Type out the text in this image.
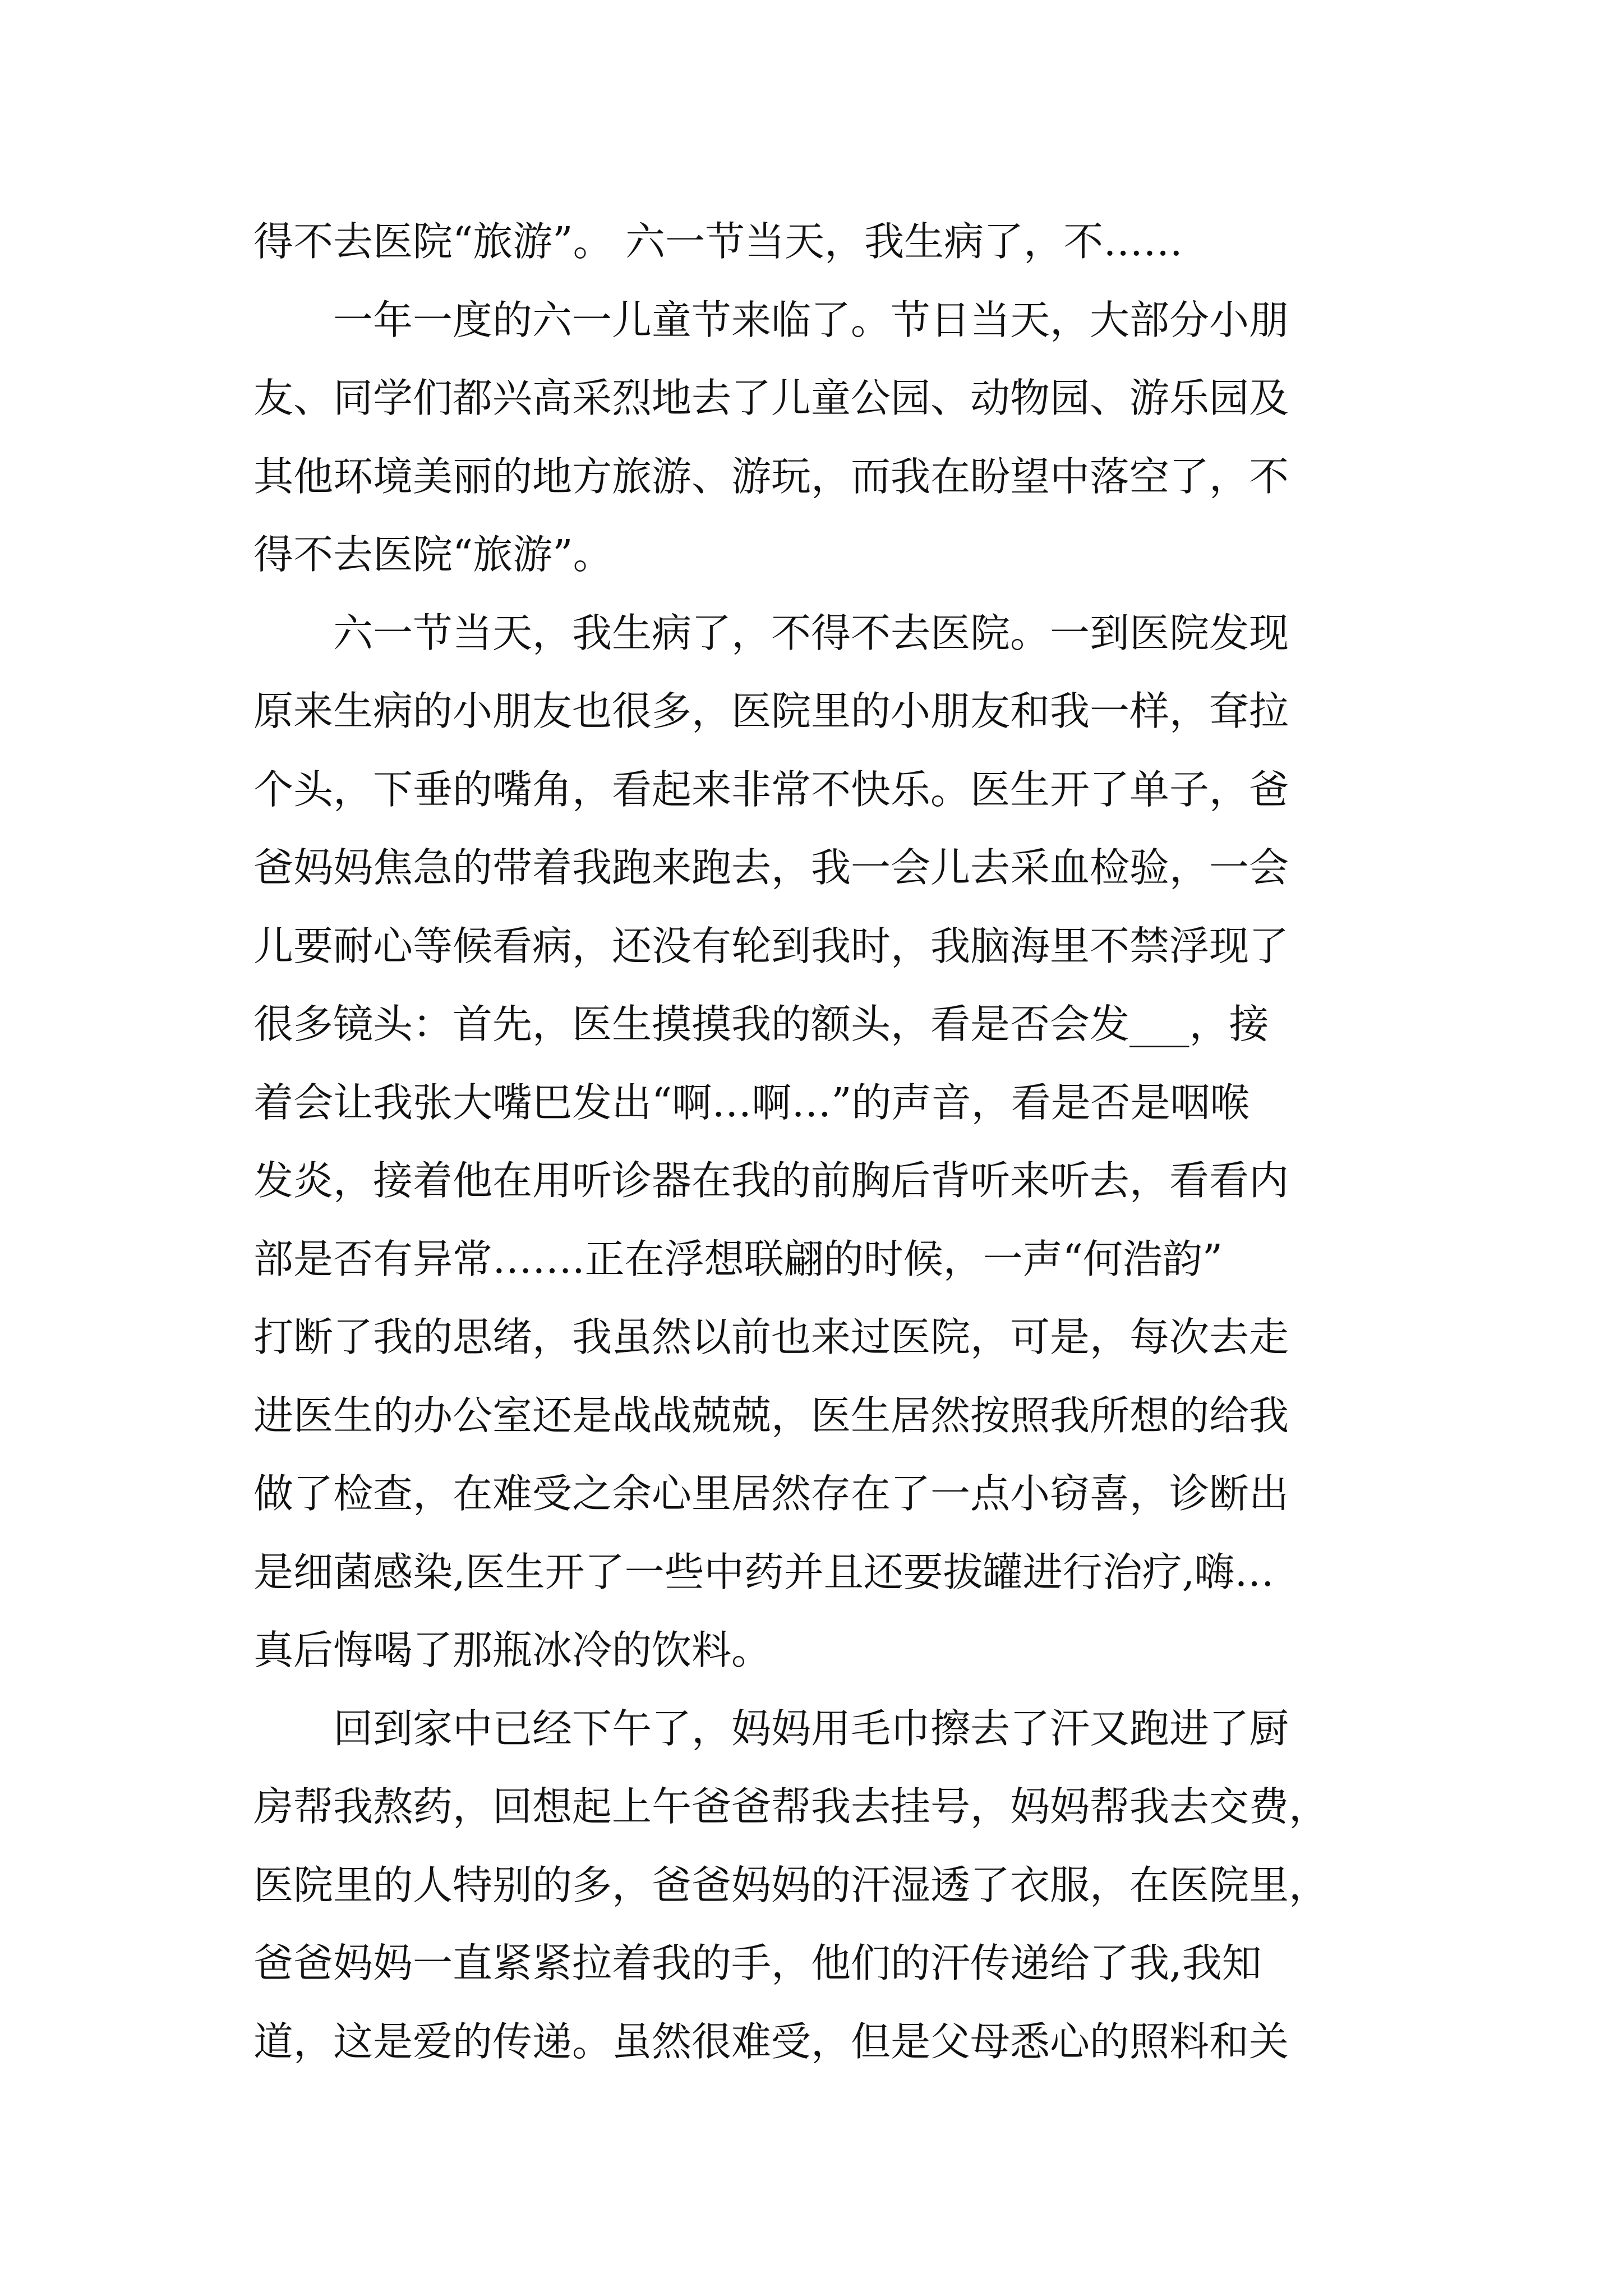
得不去医院“旅游”。 六一节当天，我生病了，不……
　　一年一度的六一儿童节来临了。节日当天，大部分小朋
友、同学们都兴高采烈地去了儿童公园、动物园、游乐园及
其他环境美丽的地方旅游、游玩，而我在盼望中落空了，不
得不去医院“旅游”。
　　六一节当天，我生病了，不得不去医院。一到医院发现
原来生病的小朋友也很多，医院里的小朋友和我一样，耷拉
个头，下垂的嘴角，看起来非常不快乐。医生开了单子，爸
爸妈妈焦急的带着我跑来跑去，我一会儿去采血检验，一会
儿要耐心等候看病，还没有轮到我时，我脑海里不禁浮现了
很多镜头：首先，医生摸摸我的额头，看是否会发___，接
着会让我张大嘴巴发出“啊…啊…”的声音，看是否是咽喉
发炎，接着他在用听诊器在我的前胸后背听来听去，看看内
部是否有异常…….正在浮想联翩的时候，一声“何浩韵”
打断了我的思绪，我虽然以前也来过医院，可是，每次去走
进医生的办公室还是战战兢兢，医生居然按照我所想的给我
做了检查，在难受之余心里居然存在了一点小窃喜，诊断出
是细菌感染,医生开了一些中药并且还要拔罐进行治疗,嗨…
真后悔喝了那瓶冰冷的饮料。
　　回到家中已经下午了，妈妈用毛巾擦去了汗又跑进了厨
房帮我熬药，回想起上午爸爸帮我去挂号，妈妈帮我去交费，
医院里的人特别的多，爸爸妈妈的汗湿透了衣服，在医院里，
爸爸妈妈一直紧紧拉着我的手，他们的汗传递给了我,我知
道，这是爱的传递。虽然很难受，但是父母悉心的照料和关
